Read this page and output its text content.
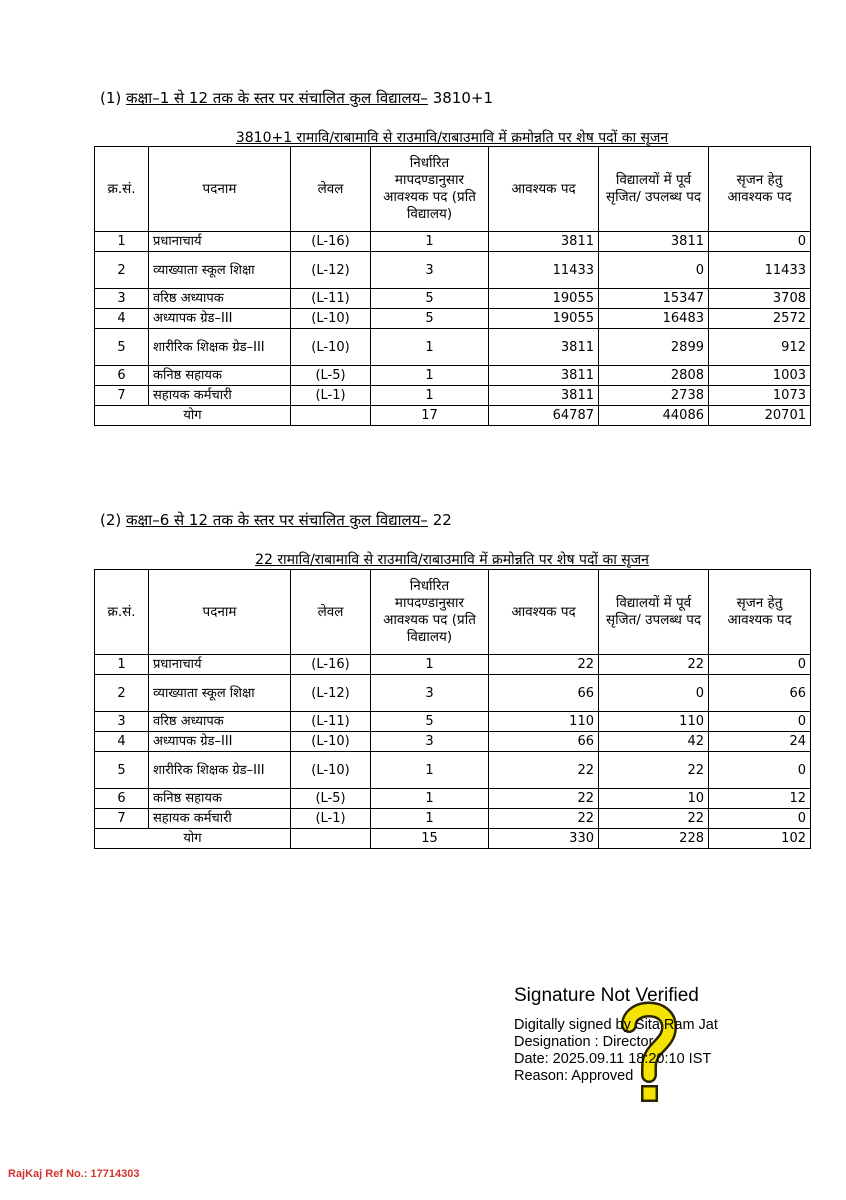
(1) कक्षा–1 से 12 तक के स्तर पर संचालित कुल विद्यालय– 3810+1
3810+1 रामावि/राबामावि से राउमावि/राबाउमावि में क्रमोन्नति पर शेष पदों का सृजन
क्र.सं.	पदनाम	लेवल	निर्धारित मापदण्डानुसार आवश्यक पद (प्रति विद्यालय)	आवश्यक पद	विद्यालयों में पूर्व सृजित/ उपलब्ध पद	सृजन हेतु आवश्यक पद
1	प्रधानाचार्य	(L-16)	1	3811	3811	0
2	व्याख्याता स्कूल शिक्षा	(L-12)	3	11433	0	11433
3	वरिष्ठ अध्यापक	(L-11)	5	19055	15347	3708
4	अध्यापक ग्रेड–III	(L-10)	5	19055	16483	2572
5	शारीरिक शिक्षक ग्रेड–III	(L-10)	1	3811	2899	912
6	कनिष्ठ सहायक	(L-5)	1	3811	2808	1003
7	सहायक कर्मचारी	(L-1)	1	3811	2738	1073
योग			17	64787	44086	20701
(2) कक्षा–6 से 12 तक के स्तर पर संचालित कुल विद्यालय– 22
22 रामावि/राबामावि से राउमावि/राबाउमावि में क्रमोन्नति पर शेष पदों का सृजन
क्र.सं.	पदनाम	लेवल	निर्धारित मापदण्डानुसार आवश्यक पद (प्रति विद्यालय)	आवश्यक पद	विद्यालयों में पूर्व सृजित/ उपलब्ध पद	सृजन हेतु आवश्यक पद
1	प्रधानाचार्य	(L-16)	1	22	22	0
2	व्याख्याता स्कूल शिक्षा	(L-12)	3	66	0	66
3	वरिष्ठ अध्यापक	(L-11)	5	110	110	0
4	अध्यापक ग्रेड–III	(L-10)	3	66	42	24
5	शारीरिक शिक्षक ग्रेड–III	(L-10)	1	22	22	0
6	कनिष्ठ सहायक	(L-5)	1	22	10	12
7	सहायक कर्मचारी	(L-1)	1	22	22	0
योग			15	330	228	102
Signature Not Verified
Digitally signed by Sita Ram Jat
Designation : Director
Date: 2025.09.11 18:20:10 IST
Reason: Approved
RajKaj Ref No.: 17714303
